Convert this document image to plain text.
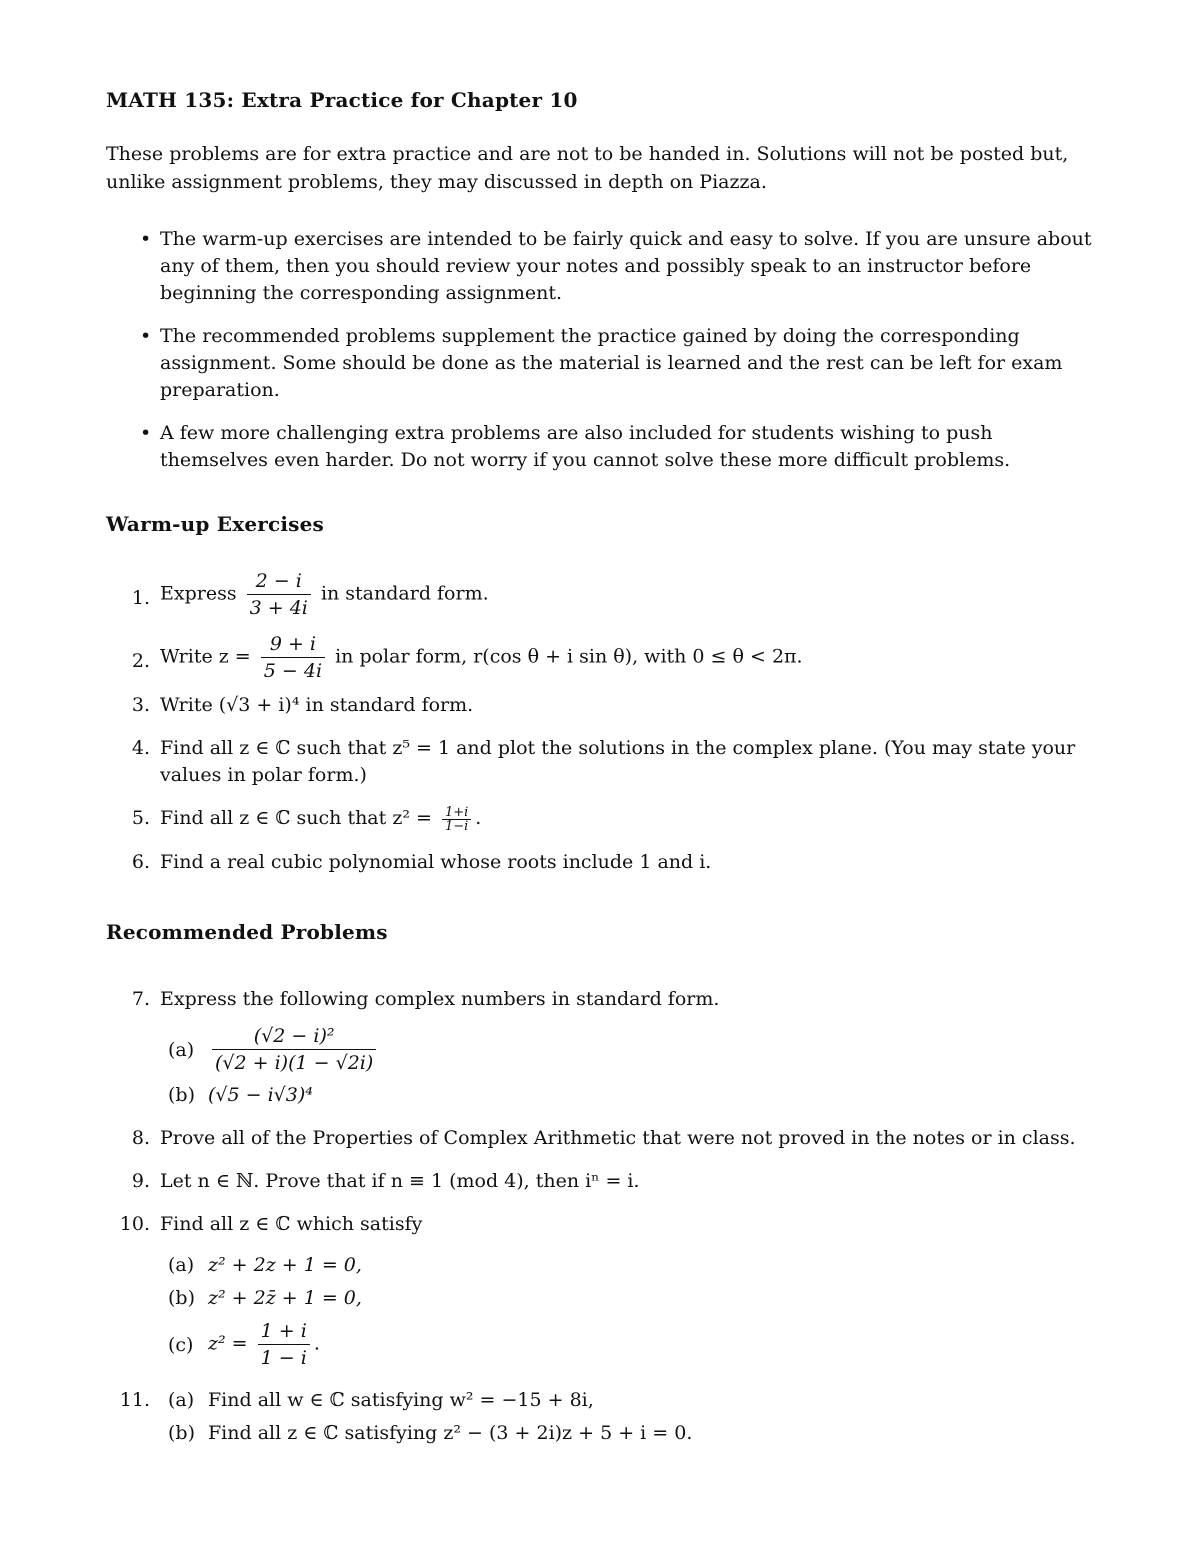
MATH 135: Extra Practice for Chapter 10
These problems are for extra practice and are not to be handed in. Solutions will not be posted but, unlike assignment problems, they may discussed in depth on Piazza.
• The warm-up exercises are intended to be fairly quick and easy to solve. If you are unsure about any of them, then you should review your notes and possibly speak to an instructor before beginning the corresponding assignment.
• The recommended problems supplement the practice gained by doing the corresponding assignment. Some should be done as the material is learned and the rest can be left for exam preparation.
• A few more challenging extra problems are also included for students wishing to push themselves even harder. Do not worry if you cannot solve these more difficult problems.
Warm-up Exercises
1. Express $\frac{2 - i}{3 + 4i}$ in standard form.
2. Write $z = \frac{9 + i}{5 - 4i}$ in polar form, r(cos θ + i sin θ), with 0 ≤ θ < 2π.
3. Write (√3 + i)⁴ in standard form.
4. Find all z ∈ ℂ such that z⁵ = 1 and plot the solutions in the complex plane. (You may state your values in polar form.)
5. Find all z ∈ ℂ such that $z^2 = \frac{1+i}{1-i}$ .
6. Find a real cubic polynomial whose roots include 1 and i.
Recommended Problems
7. Express the following complex numbers in standard form.
$(a) \frac{\text{(√2 − i)²}}{(√2 + i)(1 - √2i)}$
(b) (√5 − i√3)⁴
8. Prove all of the Properties of Complex Arithmetic that were not proved in the notes or in class.
9. Let n ∈ ℕ. Prove that if n ≡ 1 (mod 4), then iⁿ = i.
10. Find all z ∈ ℂ which satisfy
(a) z² + 2z + 1 = 0,
(b) z² + 2z̄ + 1 = 0,
(c) $z^2 = \frac{1 + i}{1 - i}$ .
11. (a) Find all w ∈ ℂ satisfying w² = −15 + 8i,
(b) Find all z ∈ ℂ satisfying z² − (3 + 2i)z + 5 + i = 0.
